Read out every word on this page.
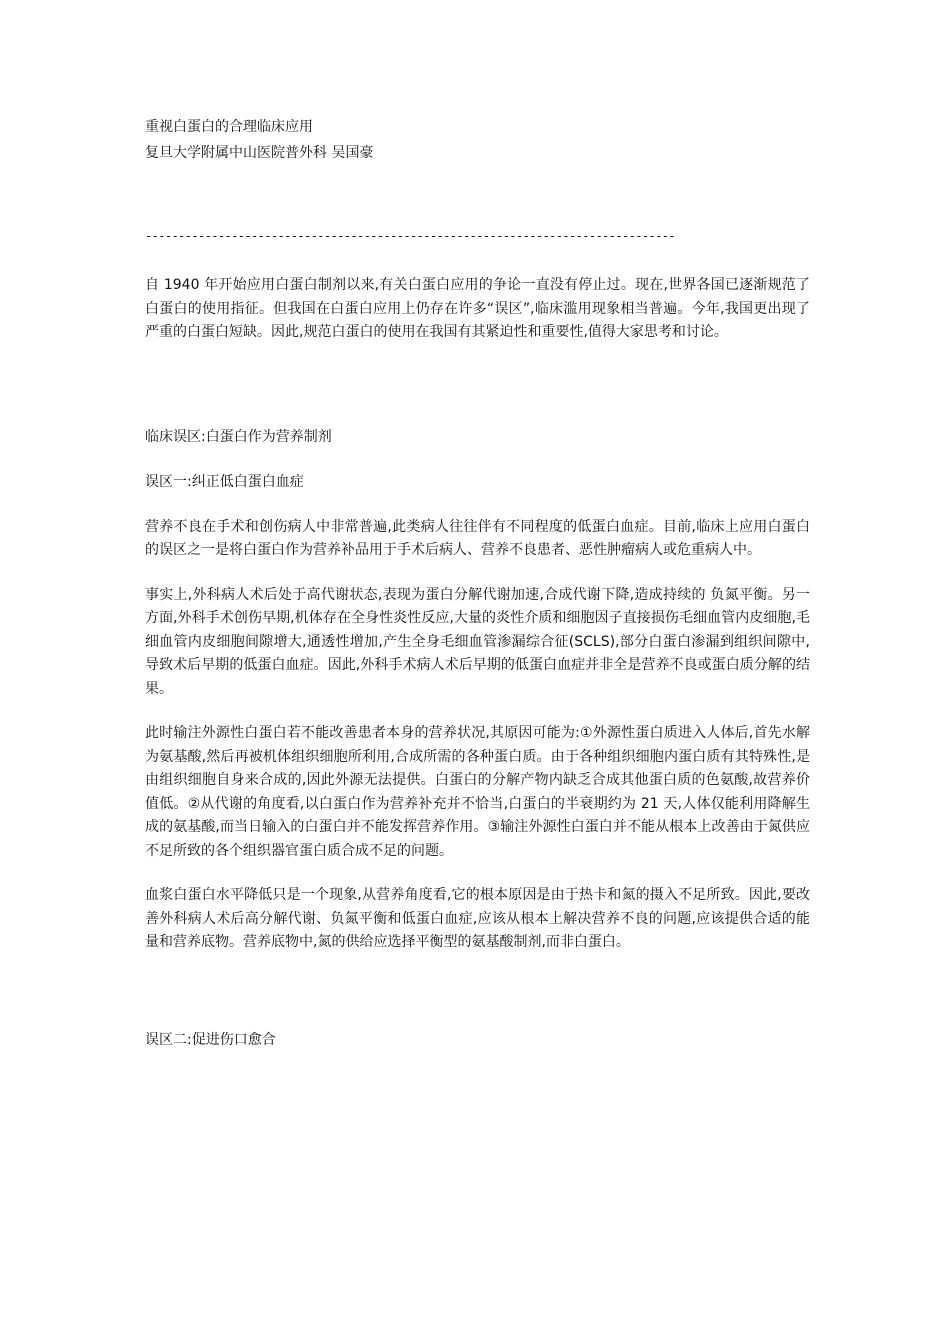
重视白蛋白的合理临床应用

复旦大学附属中山医院普外科 吴国豪

--------------------------------------------------------------------------------

自 1940 年开始应用白蛋白制剂以来,有关白蛋白应用的争论一直没有停止过。现在,世界各国已逐渐规范了白蛋白的使用指征。但我国在白蛋白应用上仍存在许多“误区”,临床滥用现象相当普遍。今年,我国更出现了严重的白蛋白短缺。因此,规范白蛋白的使用在我国有其紧迫性和重要性,值得大家思考和讨论。

临床误区:白蛋白作为营养制剂

误区一:纠正低白蛋白血症

营养不良在手术和创伤病人中非常普遍,此类病人往往伴有不同程度的低蛋白血症。目前,临床上应用白蛋白的误区之一是将白蛋白作为营养补品用于手术后病人、营养不良患者、恶性肿瘤病人或危重病人中。

事实上,外科病人术后处于高代谢状态,表现为蛋白分解代谢加速,合成代谢下降,造成持续的 负氮平衡。另一方面,外科手术创伤早期,机体存在全身性炎性反应,大量的炎性介质和细胞因子直接损伤毛细血管内皮细胞,毛细血管内皮细胞间隙增大,通透性增加,产生全身毛细血管渗漏综合征(SCLS),部分白蛋白渗漏到组织间隙中,导致术后早期的低蛋白血症。因此,外科手术病人术后早期的低蛋白血症并非全是营养不良或蛋白质分解的结果。

此时输注外源性白蛋白若不能改善患者本身的营养状况,其原因可能为:①外源性蛋白质进入人体后,首先水解为氨基酸,然后再被机体组织细胞所利用,合成所需的各种蛋白质。由于各种组织细胞内蛋白质有其特殊性,是由组织细胞自身来合成的,因此外源无法提供。白蛋白的分解产物内缺乏合成其他蛋白质的色氨酸,故营养价值低。②从代谢的角度看,以白蛋白作为营养补充并不恰当,白蛋白的半衰期约为 21 天,人体仅能利用降解生成的氨基酸,而当日输入的白蛋白并不能发挥营养作用。③输注外源性白蛋白并不能从根本上改善由于氮供应不足所致的各个组织器官蛋白质合成不足的问题。

血浆白蛋白水平降低只是一个现象,从营养角度看,它的根本原因是由于热卡和氮的摄入不足所致。因此,要改善外科病人术后高分解代谢、负氮平衡和低蛋白血症,应该从根本上解决营养不良的问题,应该提供合适的能量和营养底物。营养底物中,氮的供给应选择平衡型的氨基酸制剂,而非白蛋白。

误区二:促进伤口愈合
